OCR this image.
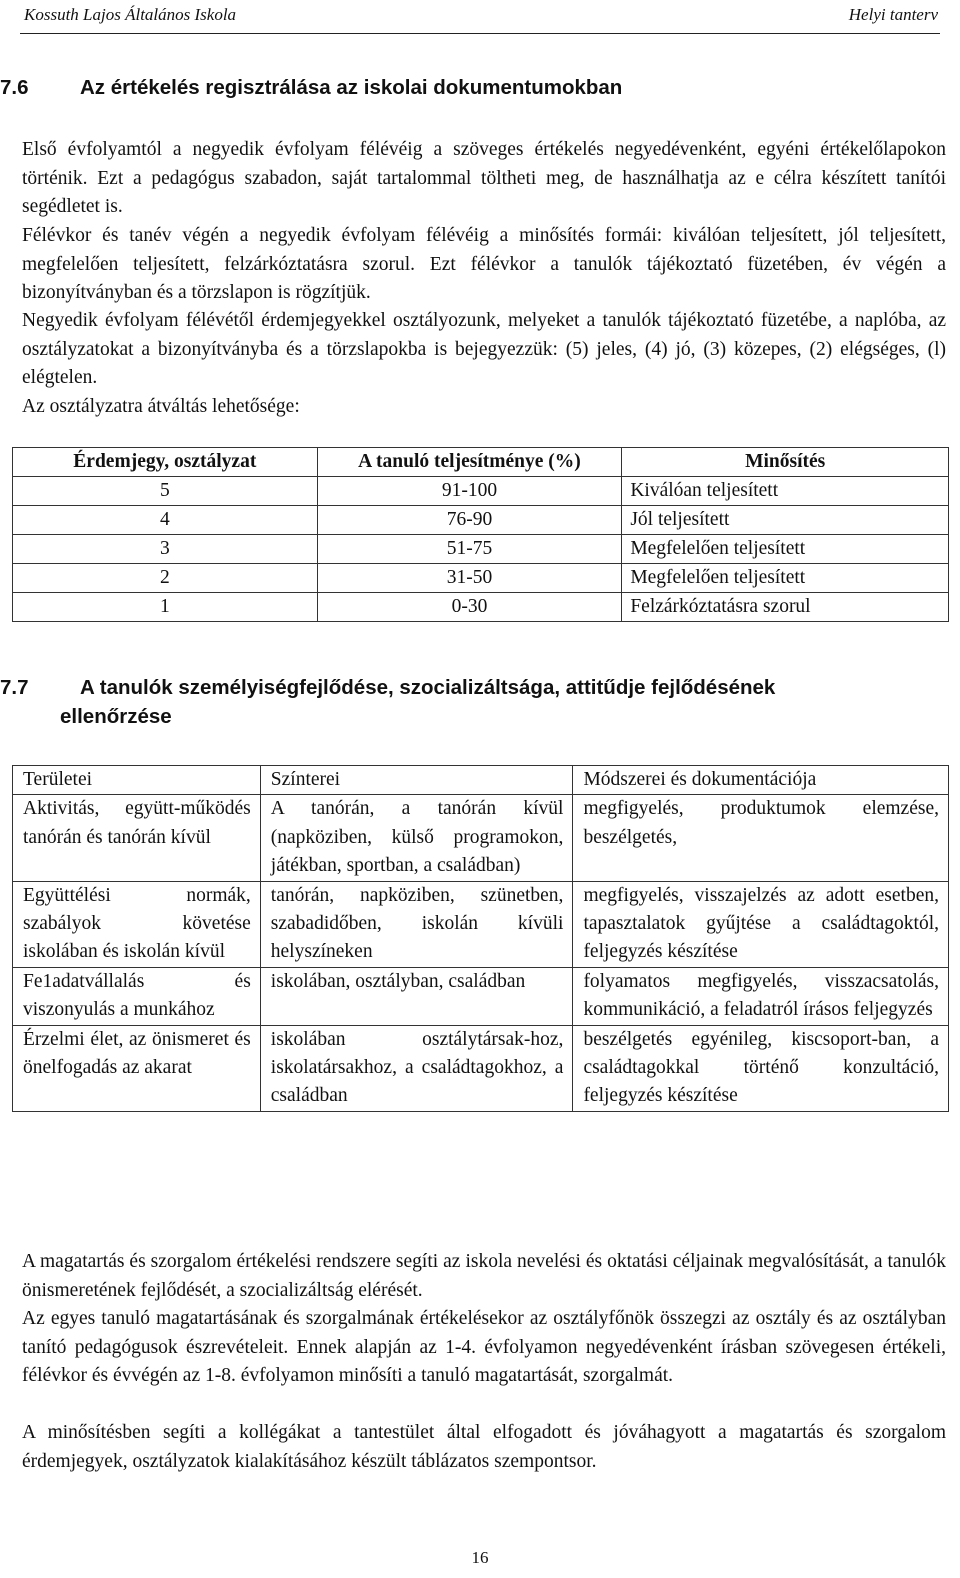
Kossuth Lajos Általános Iskola	Helyi tanterv
7.6	Az értékelés regisztrálása az iskolai dokumentumokban
Első évfolyamtól a negyedik évfolyam félévéig a szöveges értékelés negyedévenként, egyéni értékelőlapokon történik. Ezt a pedagógus szabadon, saját tartalommal töltheti meg, de használhatja az e célra készített tanítói segédletet is.
Félévkor és tanév végén a negyedik évfolyam félévéig a minősítés formái: kiválóan teljesített, jól teljesített, megfelelően teljesített, felzárkóztatásra szorul. Ezt félévkor a tanulók tájékoztató füzetében, év végén a bizonyítványban és a törzslapon is rögzítjük.
Negyedik évfolyam félévétől érdemjegyekkel osztályozunk, melyeket a tanulók tájékoztató füzetébe, a naplóba, az osztályzatokat a bizonyítványba és a törzslapokba is bejegyezzük: (5) jeles, (4) jó, (3) közepes, (2) elégséges, (l) elégtelen.
Az osztályzatra átváltás lehetősége:
Érdemjegy, osztályzat	A tanuló teljesítménye (%)	Minősítés
5	91-100	Kiválóan teljesített
4	76-90	Jól teljesített
3	51-75	Megfelelően teljesített
2	31-50	Megfelelően teljesített
1	0-30	Felzárkóztatásra szorul
7.7	A tanulók személyiségfejlődése, szocializáltsága, attitűdje fejlődésének
ellenőrzése
Területei	Színterei	Módszerei és dokumentációja
Aktivitás, együtt-működés tanórán és tanórán kívül	A tanórán, a tanórán kívül (napköziben, külső programokon, játékban, sportban, a családban)	megfigyelés, produktumok elemzése, beszélgetés,
Együttélési normák, szabályok követése iskolában és iskolán kívül	tanórán, napköziben, szünetben, szabadidőben, iskolán kívüli helyszíneken	megfigyelés, visszajelzés az adott esetben, tapasztalatok gyűjtése a családtagoktól, feljegyzés készítése
Fe1adatvállalás és viszonyulás a munkához	iskolában, osztályban, családban	folyamatos megfigyelés, visszacsatolás, kommunikáció, a feladatról írásos feljegyzés
Érzelmi élet, az önismeret és önelfogadás az akarat	iskolában osztálytársak-hoz, iskolatársakhoz, a családtagokhoz, a családban	beszélgetés egyénileg, kiscsoport-ban, a családtagokkal történő konzultáció, feljegyzés készítése
A magatartás és szorgalom értékelési rendszere segíti az iskola nevelési és oktatási céljainak megvalósítását, a tanulók önismeretének fejlődését, a szocializáltság elérését.
Az egyes tanuló magatartásának és szorgalmának értékelésekor az osztályfőnök összegzi az osztály és az osztályban tanító pedagógusok észrevételeit. Ennek alapján az 1-4. évfolyamon negyedévenként írásban szövegesen értékeli, félévkor és évvégén az 1-8. évfolyamon minősíti a tanuló magatartását, szorgalmát.
A minősítésben segíti a kollégákat a tantestület által elfogadott és jóváhagyott a magatartás és szorgalom érdemjegyek, osztályzatok kialakításához készült táblázatos szempontsor.
16
